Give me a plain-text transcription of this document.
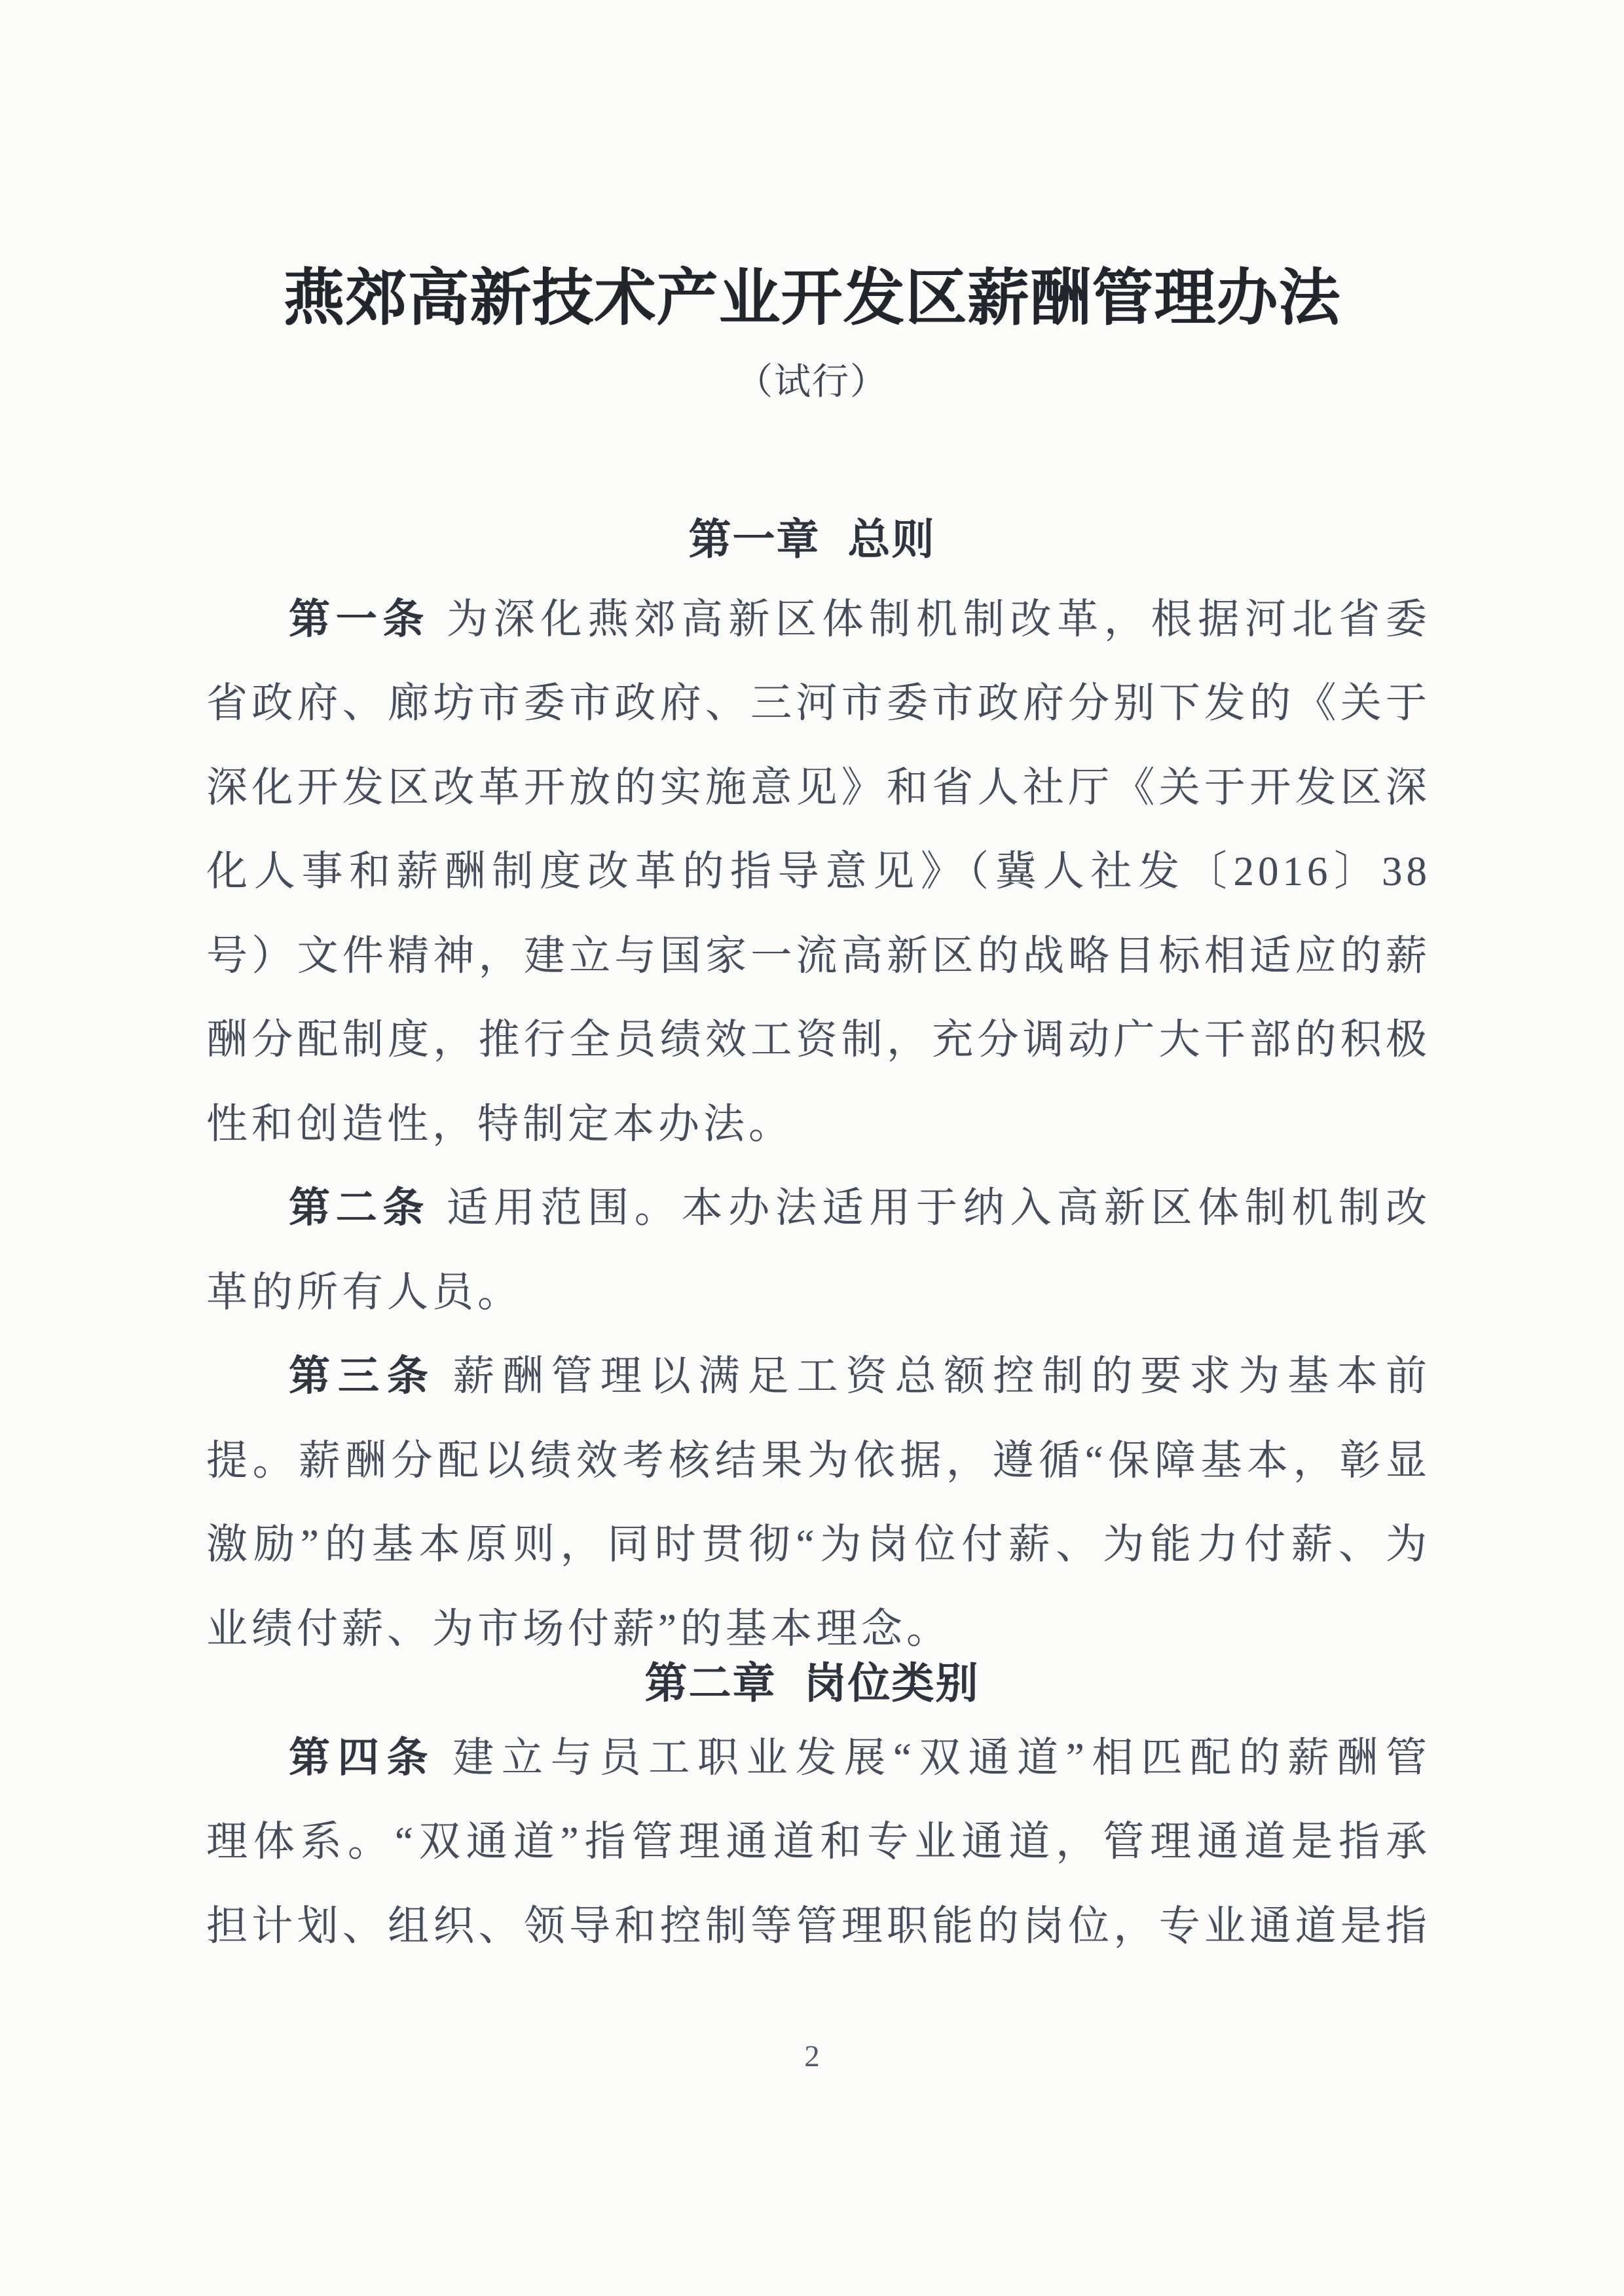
燕郊高新技术产业开发区薪酬管理办法
（试行）
第一章 总则
第一条 为深化燕郊高新区体制机制改革，根据河北省委
省政府、廊坊市委市政府、三河市委市政府分别下发的《关于
深化开发区改革开放的实施意见》和省人社厅《关于开发区深
化人事和薪酬制度改革的指导意见》（冀人社发〔2016〕38
号）文件精神，建立与国家一流高新区的战略目标相适应的薪
酬分配制度，推行全员绩效工资制，充分调动广大干部的积极
性和创造性，特制定本办法。
第二条 适用范围。本办法适用于纳入高新区体制机制改
革的所有人员。
第三条 薪酬管理以满足工资总额控制的要求为基本前
提。薪酬分配以绩效考核结果为依据，遵循“保障基本，彰显
激励”的基本原则，同时贯彻“为岗位付薪、为能力付薪、为
业绩付薪、为市场付薪”的基本理念。
第二章 岗位类别
第四条 建立与员工职业发展“双通道”相匹配的薪酬管
理体系。“双通道”指管理通道和专业通道，管理通道是指承
担计划、组织、领导和控制等管理职能的岗位，专业通道是指
2
